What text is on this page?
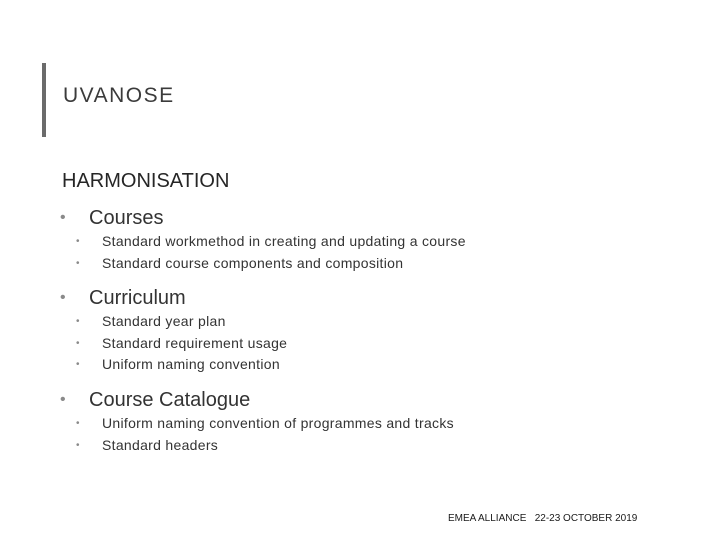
UVANOSE
HARMONISATION
• Courses
• Standard workmethod in creating and updating a course
• Standard course components and composition
• Curriculum
• Standard year plan
• Standard requirement usage
• Uniform naming convention
• Course Catalogue
• Uniform naming convention of programmes and tracks
• Standard headers
EMEA ALLIANCE   22-23 OCTOBER 2019
